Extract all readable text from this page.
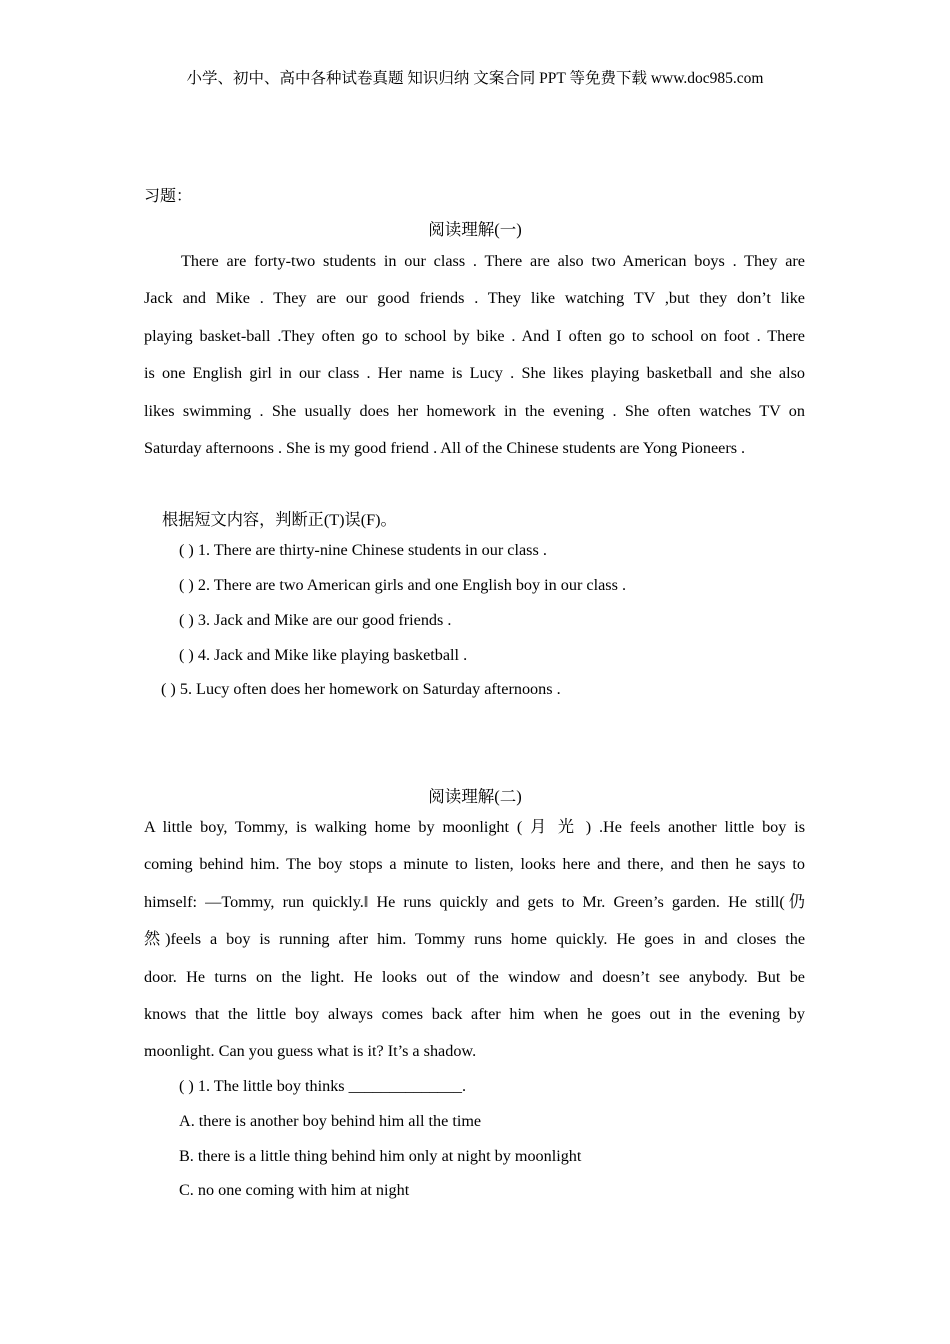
小学、初中、高中各种试卷真题 知识归纳 文案合同 PPT 等免费下载 www.doc985.com
习题：
阅读理解(一)
There are forty-two students in our class . There are also two American boys . They are
Jack and Mike . They are our good friends . They like watching TV ,but they don’t like
playing basket-ball .They often go to school by bike . And I often go to school on foot . There
is one English girl in our class . Her name is Lucy . She likes playing basketball and she also
likes swimming . She usually does her homework in the evening . She often watches TV on
Saturday afternoons . She is my good friend . All of the Chinese students are Yong Pioneers .
根据短文内容，判断正(T)误(F)。
( ) 1. There are thirty-nine Chinese students in our class .
( ) 2. There are two American girls and one English boy in our class .
( ) 3. Jack and Mike are our good friends .
( ) 4. Jack and Mike like playing basketball .
( ) 5. Lucy often does her homework on Saturday afternoons .
阅读理解(二)
A little boy, Tommy, is walking home by moonlight ( 月 光 ) .He feels another little boy is
coming behind him. The boy stops a minute to listen, looks here and there, and then he says to
himself: ―Tommy, run quickly.‖ He runs quickly and gets to Mr. Green’s garden. He still(仍
然)feels a boy is running after him. Tommy runs home quickly. He goes in and closes the
door. He turns on the light. He looks out of the window and doesn’t see anybody. But be
knows that the little boy always comes back after him when he goes out in the evening by
moonlight. Can you guess what is it? It’s a shadow.
( ) 1. The little boy thinks ______________.
A. there is another boy behind him all the time
B. there is a little thing behind him only at night by moonlight
C. no one coming with him at night
